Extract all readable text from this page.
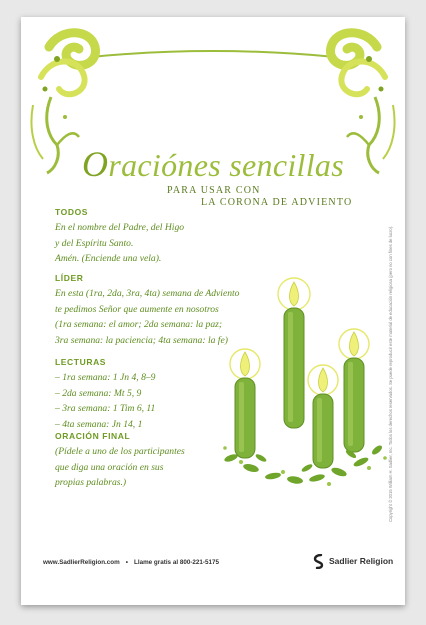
Oraciónes sencillas
PARA USAR CON
LA CORONA DE ADVIENTO
TODOS
En el nombre del Padre, del Higo
y del Espíritu Santo.
Amén. (Enciende una vela).
LÍDER
En esta (1ra, 2da, 3ra, 4ta) semana de Adviento
te pedimos Señor que aumente en nosotros
(1ra semana: el amor; 2da semana: la paz;
3ra semana: la paciencia; 4ta semana: la fe)
LECTURAS
– 1ra semana: 1 Jn 4, 8–9
– 2da semana: Mt 5, 9
– 3ra semana: 1 Tim 6, 11
– 4ta semana: Jn 14, 1
ORACIÓN FINAL
(Pídele a uno de los participantes
que diga una oración en sus
propias palabras.)	Copyright © 2015 William H. Sadlier, Inc. Todos los derechos reservados. Se puede reproducir este material de educación religiosa (pero no con fines de lucro).
www.SadlierReligion.com • Llame gratis al 800-221-5175	Sadlier Religion
